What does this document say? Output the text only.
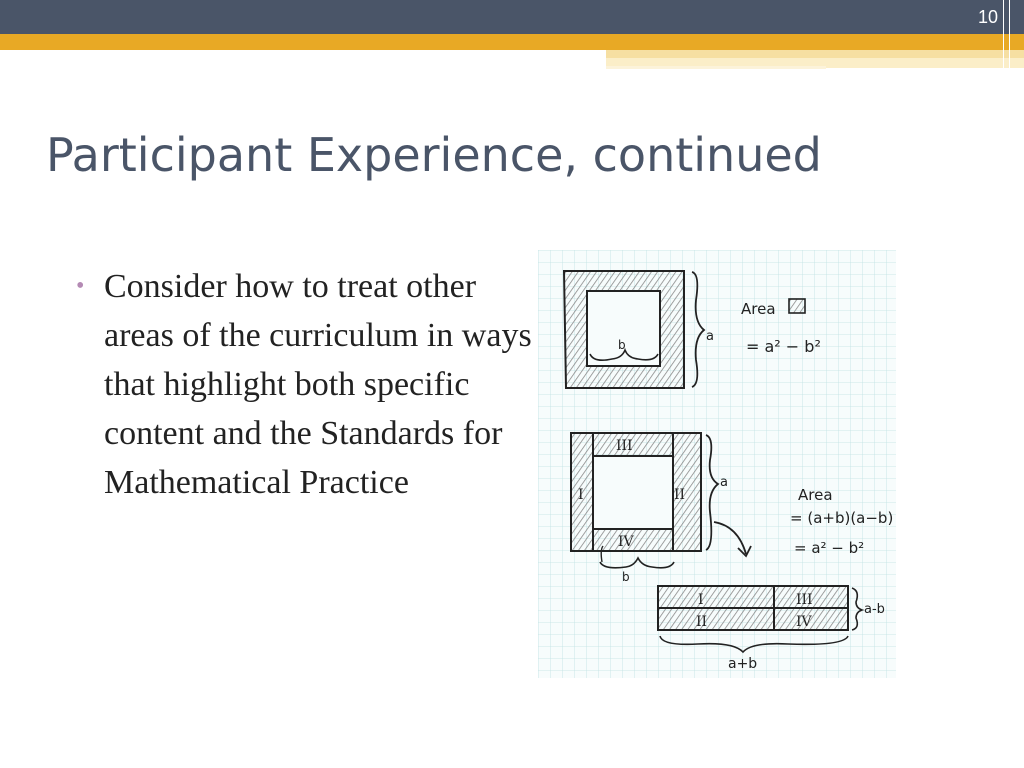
10
Participant Experience, continued
• Consider how to treat other areas of the curriculum in ways that highlight both specific content and the Standards for Mathematical Practice
b
a
Area
= a² − b²
III
I	II
IV
a
b
Area
= (a+b)(a−b)
= a² − b²
I
II
III
IV
a-b
a+b
